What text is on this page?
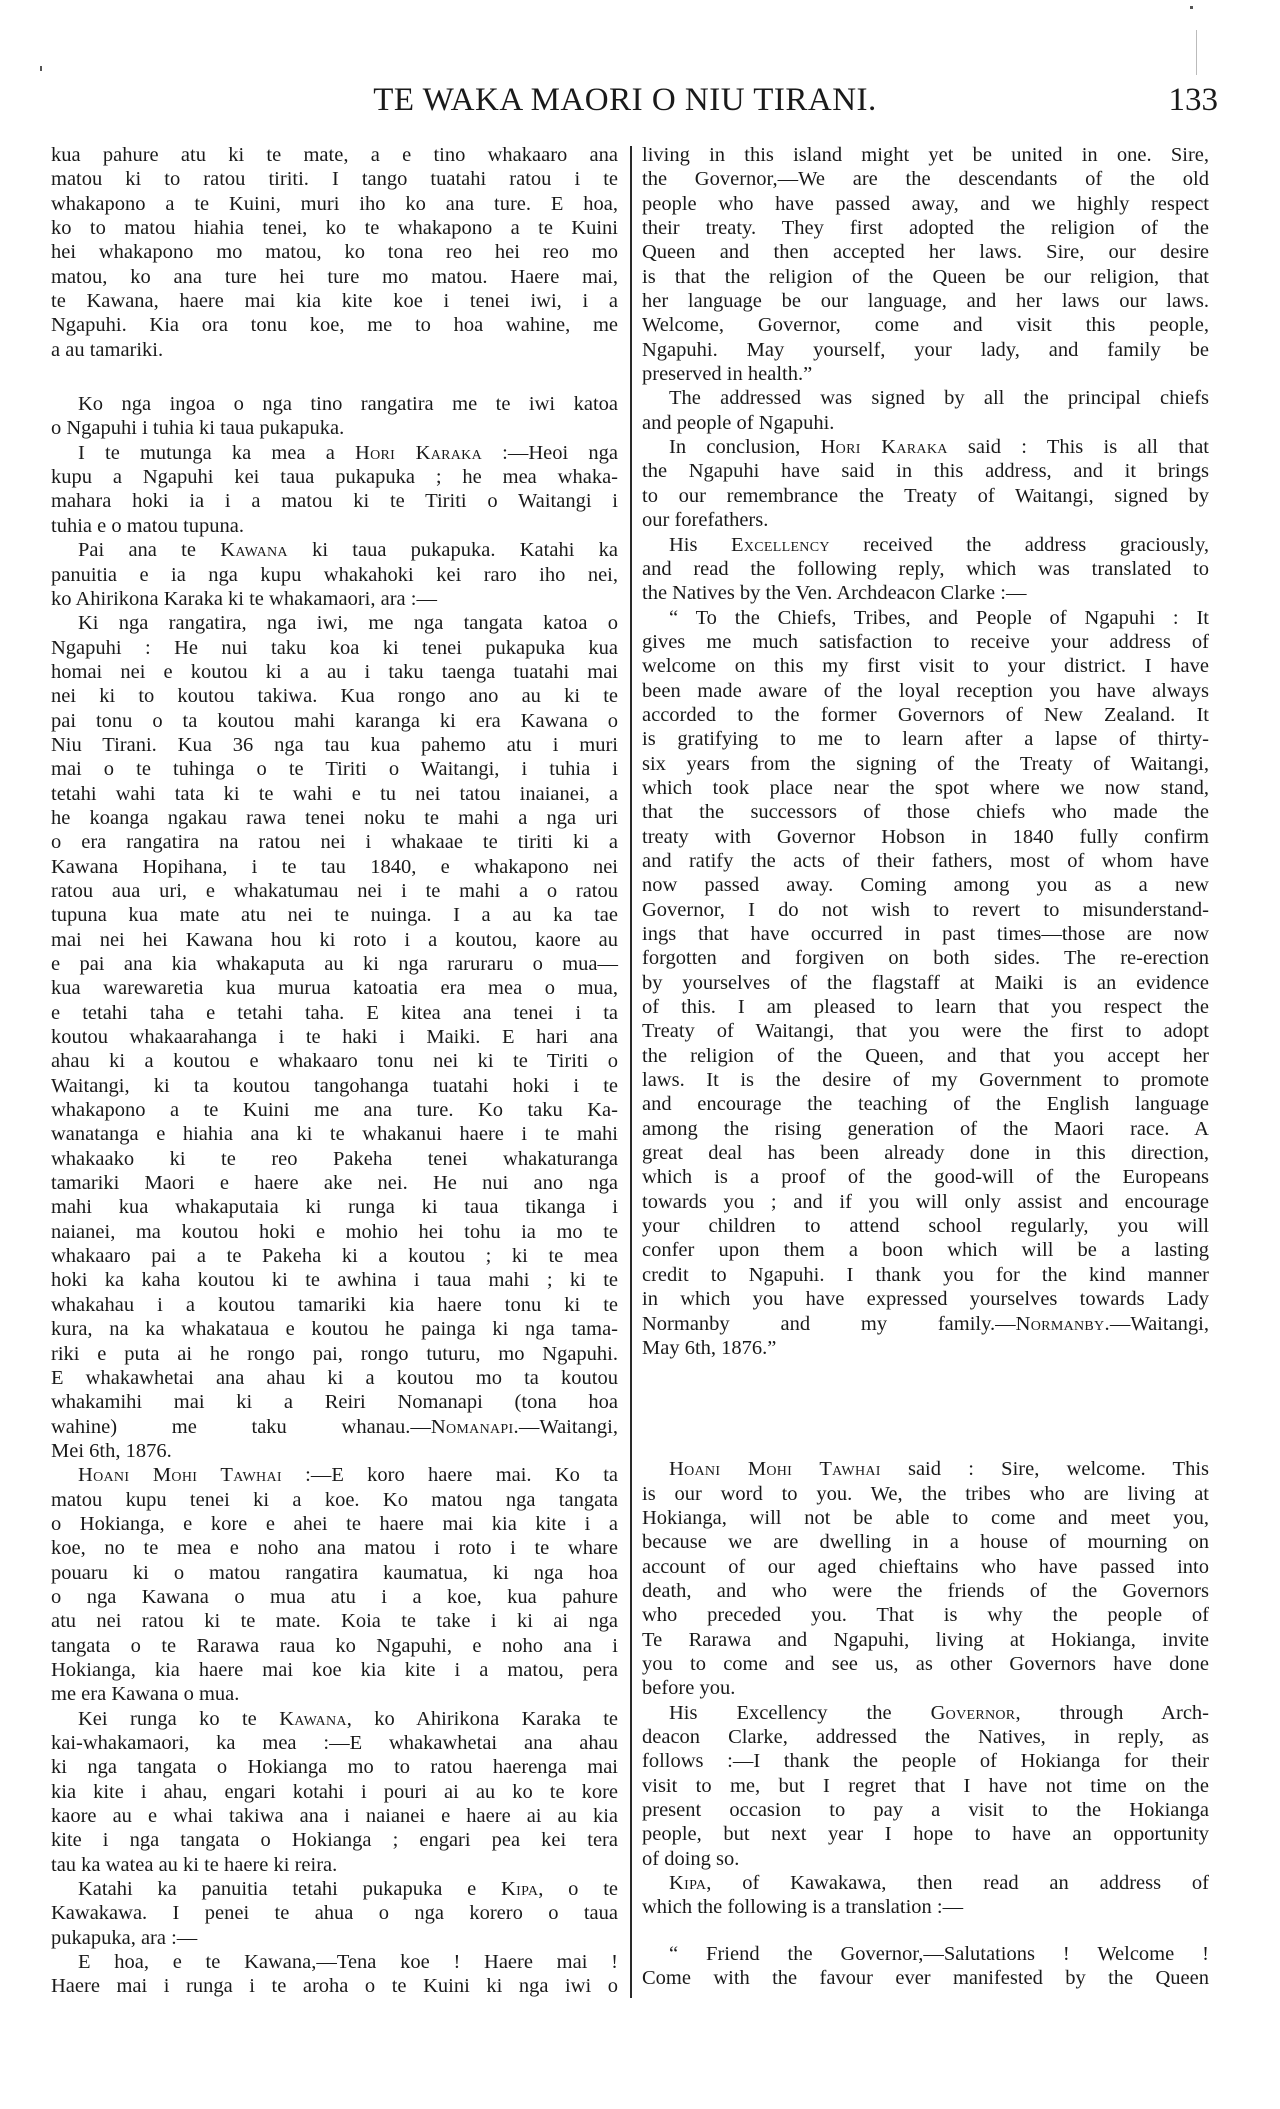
TE WAKA MAORI O NIU TIRANI.	133
kua pahure atu ki te mate, a e tino whakaaro ana
matou ki to ratou tiriti. I tango tuatahi ratou i te
whakapono a te Kuini, muri iho ko ana ture. E hoa,
ko to matou hiahia tenei, ko te whakapono a te Kuini
hei whakapono mo matou, ko tona reo hei reo mo
matou, ko ana ture hei ture mo matou. Haere mai,
te Kawana, haere mai kia kite koe i tenei iwi, i a
Ngapuhi. Kia ora tonu koe, me to hoa wahine, me
a au tamariki.
Ko nga ingoa o nga tino rangatira me te iwi katoa
o Ngapuhi i tuhia ki taua pukapuka.
I te mutunga ka mea a Hori Karaka :—Heoi nga
kupu a Ngapuhi kei taua pukapuka ; he mea whaka-
mahara hoki ia i a matou ki te Tiriti o Waitangi i
tuhia e o matou tupuna.
Pai ana te Kawana ki taua pukapuka. Katahi ka
panuitia e ia nga kupu whakahoki kei raro iho nei,
ko Ahirikona Karaka ki te whakamaori, ara :—
Ki nga rangatira, nga iwi, me nga tangata katoa o
Ngapuhi : He nui taku koa ki tenei pukapuka kua
homai nei e koutou ki a au i taku taenga tuatahi mai
nei ki to koutou takiwa. Kua rongo ano au ki te
pai tonu o ta koutou mahi karanga ki era Kawana o
Niu Tirani. Kua 36 nga tau kua pahemo atu i muri
mai o te tuhinga o te Tiriti o Waitangi, i tuhia i
tetahi wahi tata ki te wahi e tu nei tatou inaianei, a
he koanga ngakau rawa tenei noku te mahi a nga uri
o era rangatira na ratou nei i whakaae te tiriti ki a
Kawana Hopihana, i te tau 1840, e whakapono nei
ratou aua uri, e whakatumau nei i te mahi a o ratou
tupuna kua mate atu nei te nuinga. I a au ka tae
mai nei hei Kawana hou ki roto i a koutou, kaore au
e pai ana kia whakaputa au ki nga raruraru o mua—
kua warewaretia kua murua katoatia era mea o mua,
e tetahi taha e tetahi taha. E kitea ana tenei i ta
koutou whakaarahanga i te haki i Maiki. E hari ana
ahau ki a koutou e whakaaro tonu nei ki te Tiriti o
Waitangi, ki ta koutou tangohanga tuatahi hoki i te
whakapono a te Kuini me ana ture. Ko taku Ka-
wanatanga e hiahia ana ki te whakanui haere i te mahi
whakaako ki te reo Pakeha tenei whakaturanga
tamariki Maori e haere ake nei. He nui ano nga
mahi kua whakaputaia ki runga ki taua tikanga i
naianei, ma koutou hoki e mohio hei tohu ia mo te
whakaaro pai a te Pakeha ki a koutou ; ki te mea
hoki ka kaha koutou ki te awhina i taua mahi ; ki te
whakahau i a koutou tamariki kia haere tonu ki te
kura, na ka whakataua e koutou he painga ki nga tama-
riki e puta ai he rongo pai, rongo tuturu, mo Ngapuhi.
E whakawhetai ana ahau ki a koutou mo ta koutou
whakamihi mai ki a Reiri Nomanapi (tona hoa
wahine) me taku whanau.—Nomanapi.—Waitangi,
Mei 6th, 1876.
Hoani Mohi Tawhai :—E koro haere mai. Ko ta
matou kupu tenei ki a koe. Ko matou nga tangata
o Hokianga, e kore e ahei te haere mai kia kite i a
koe, no te mea e noho ana matou i roto i te whare
pouaru ki o matou rangatira kaumatua, ki nga hoa
o nga Kawana o mua atu i a koe, kua pahure
atu nei ratou ki te mate. Koia te take i ki ai nga
tangata o te Rarawa raua ko Ngapuhi, e noho ana i
Hokianga, kia haere mai koe kia kite i a matou, pera
me era Kawana o mua.
Kei runga ko te Kawana, ko Ahirikona Karaka te
kai-whakamaori, ka mea :—E whakawhetai ana ahau
ki nga tangata o Hokianga mo to ratou haerenga mai
kia kite i ahau, engari kotahi i pouri ai au ko te kore
kaore au e whai takiwa ana i naianei e haere ai au kia
kite i nga tangata o Hokianga ; engari pea kei tera
tau ka watea au ki te haere ki reira.
Katahi ka panuitia tetahi pukapuka e Kipa, o te
Kawakawa. I penei te ahua o nga korero o taua
pukapuka, ara :—
E hoa, e te Kawana,—Tena koe ! Haere mai !
Haere mai i runga i te aroha o te Kuini ki nga iwi o
living in this island might yet be united in one. Sire,
the Governor,—We are the descendants of the old
people who have passed away, and we highly respect
their treaty. They first adopted the religion of the
Queen and then accepted her laws. Sire, our desire
is that the religion of the Queen be our religion, that
her language be our language, and her laws our laws.
Welcome, Governor, come and visit this people,
Ngapuhi. May yourself, your lady, and family be
preserved in health.”
The addressed was signed by all the principal chiefs
and people of Ngapuhi.
In conclusion, Hori Karaka said : This is all that
the Ngapuhi have said in this address, and it brings
to our remembrance the Treaty of Waitangi, signed by
our forefathers.
His Excellency received the address graciously,
and read the following reply, which was translated to
the Natives by the Ven. Archdeacon Clarke :—
“ To the Chiefs, Tribes, and People of Ngapuhi : It
gives me much satisfaction to receive your address of
welcome on this my first visit to your district. I have
been made aware of the loyal reception you have always
accorded to the former Governors of New Zealand. It
is gratifying to me to learn after a lapse of thirty-
six years from the signing of the Treaty of Waitangi,
which took place near the spot where we now stand,
that the successors of those chiefs who made the
treaty with Governor Hobson in 1840 fully confirm
and ratify the acts of their fathers, most of whom have
now passed away. Coming among you as a new
Governor, I do not wish to revert to misunderstand-
ings that have occurred in past times—those are now
forgotten and forgiven on both sides. The re-erection
by yourselves of the flagstaff at Maiki is an evidence
of this. I am pleased to learn that you respect the
Treaty of Waitangi, that you were the first to adopt
the religion of the Queen, and that you accept her
laws. It is the desire of my Government to promote
and encourage the teaching of the English language
among the rising generation of the Maori race. A
great deal has been already done in this direction,
which is a proof of the good-will of the Europeans
towards you ; and if you will only assist and encourage
your children to attend school regularly, you will
confer upon them a boon which will be a lasting
credit to Ngapuhi. I thank you for the kind manner
in which you have expressed yourselves towards Lady
Normanby and my family.—Normanby.—Waitangi,
May 6th, 1876.”
Hoani Mohi Tawhai said : Sire, welcome. This
is our word to you. We, the tribes who are living at
Hokianga, will not be able to come and meet you,
because we are dwelling in a house of mourning on
account of our aged chieftains who have passed into
death, and who were the friends of the Governors
who preceded you. That is why the people of
Te Rarawa and Ngapuhi, living at Hokianga, invite
you to come and see us, as other Governors have done
before you.
His Excellency the Governor, through Arch-
deacon Clarke, addressed the Natives, in reply, as
follows :—I thank the people of Hokianga for their
visit to me, but I regret that I have not time on the
present occasion to pay a visit to the Hokianga
people, but next year I hope to have an opportunity
of doing so.
Kipa, of Kawakawa, then read an address of
which the following is a translation :—
“ Friend the Governor,—Salutations ! Welcome !
Come with the favour ever manifested by the Queen
